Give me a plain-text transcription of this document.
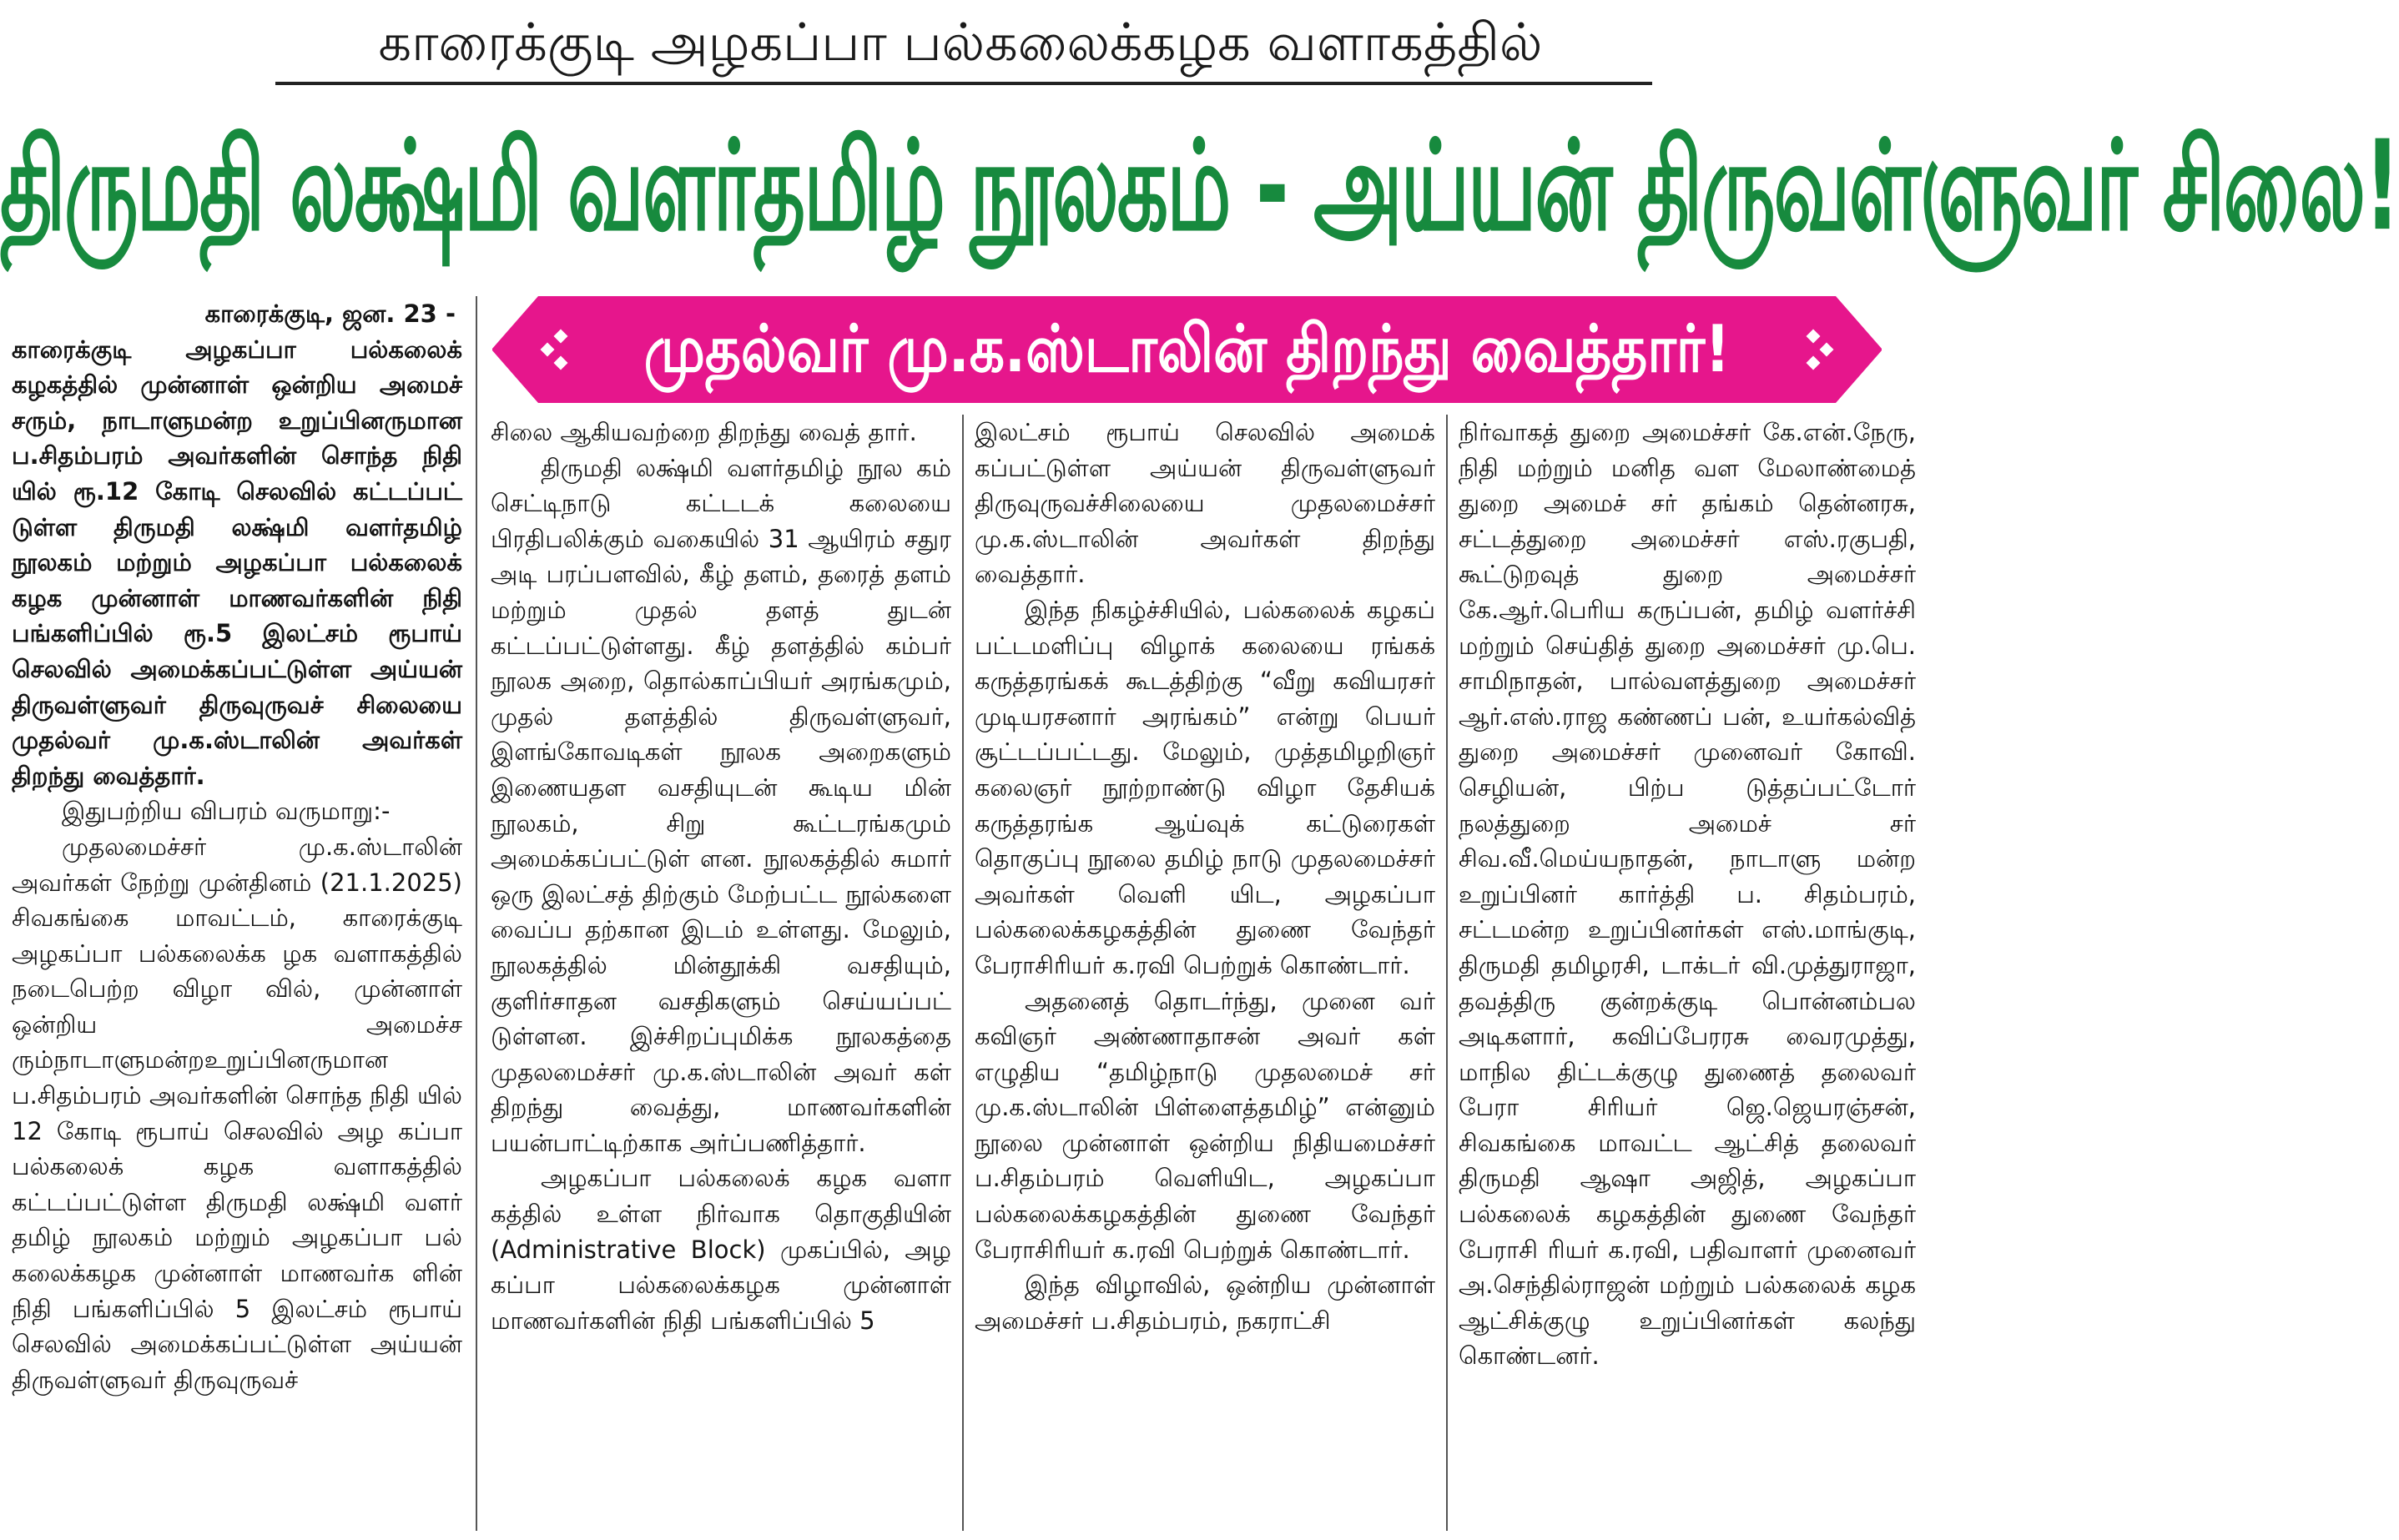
காரைக்குடி அழகப்பா பல்கலைக்கழக வளாகத்தில்
திருமதி லக்ஷ்மி வளர்தமிழ் நூலகம் - அய்யன் திருவள்ளுவர் சிலை!
முதல்வர் மு.க.ஸ்டாலின் திறந்து வைத்தார்!

காரைக்குடி, ஜன. 23 -

காரைக்குடி அழகப்பா பல்கலைக் கழகத்தில் முன்னாள் ஒன்றிய அமைச் சரும், நாடாளுமன்ற உறுப்பினருமான ப.சிதம்பரம் அவர்களின் சொந்த நிதி யில் ரூ.12 கோடி செலவில் கட்டப்பட் டுள்ள திருமதி லக்ஷ்மி வளர்தமிழ் நூலகம் மற்றும் அழகப்பா பல்கலைக் கழக முன்னாள் மாணவர்களின் நிதி பங்களிப்பில் ரூ.5 இலட்சம் ரூபாய் செலவில் அமைக்கப்பட்டுள்ள அய்யன் திருவள்ளுவர் திருவுருவச் சிலையை முதல்வர் மு.க.ஸ்டாலின் அவர்கள் திறந்து வைத்தார்.

இதுபற்றிய விபரம் வருமாறு:-

முதலமைச்சர் மு.க.ஸ்டாலின் அவர்கள் நேற்று முன்தினம் (21.1.2025) சிவகங்கை மாவட்டம், காரைக்குடி அழகப்பா பல்கலைக்க ழக வளாகத்தில் நடைபெற்ற விழா வில், முன்னாள் ஒன்றிய அமைச்ச ரும்நாடாளுமன்றஉறுப்பினருமான ப.சிதம்பரம் அவர்களின் சொந்த நிதி யில் 12 கோடி ரூபாய் செலவில் அழ கப்பா பல்கலைக் கழக வளாகத்தில் கட்டப்பட்டுள்ள திருமதி லக்ஷ்மி வளர் தமிழ் நூலகம் மற்றும் அழகப்பா பல் கலைக்கழக முன்னாள் மாணவர்க ளின் நிதி பங்களிப்பில் 5 இலட்சம் ரூபாய் செலவில் அமைக்கப்பட்டுள்ள அய்யன் திருவள்ளுவர் திருவுருவச்

சிலை ஆகியவற்றை திறந்து வைத் தார்.

திருமதி லக்ஷ்மி வளர்தமிழ் நூல கம் செட்டிநாடு கட்டடக் கலையை பிரதிபலிக்கும் வகையில் 31 ஆயிரம் சதுர அடி பரப்பளவில், கீழ் தளம், தரைத் தளம் மற்றும் முதல் தளத் துடன் கட்டப்பட்டுள்ளது. கீழ் தளத்தில் கம்பர் நூலக அறை, தொல்காப்பியர் அரங்கமும், முதல் தளத்தில் திருவள்ளுவர், இளங்கோவடிகள் நூலக அறைகளும் இணையதள வசதியுடன் கூடிய மின் நூலகம், சிறு கூட்டரங்கமும் அமைக்கப்பட்டுள் ளன. நூலகத்தில் சுமார் ஒரு இலட்சத் திற்கும் மேற்பட்ட நூல்களை வைப்ப தற்கான இடம் உள்ளது. மேலும், நூலகத்தில் மின்தூக்கி வசதியும், குளிர்சாதன வசதிகளும் செய்யப்பட் டுள்ளன. இச்சிறப்புமிக்க நூலகத்தை முதலமைச்சர் மு.க.ஸ்டாலின் அவர் கள் திறந்து வைத்து, மாணவர்களின் பயன்பாட்டிற்காக அர்ப்பணித்தார்.

அழகப்பா பல்கலைக் கழக வளா கத்தில் உள்ள நிர்வாக தொகுதியின் (Administrative Block) முகப்பில், அழ கப்பா பல்கலைக்கழக முன்னாள் மாணவர்களின் நிதி பங்களிப்பில் 5

இலட்சம் ரூபாய் செலவில் அமைக் கப்பட்டுள்ள அய்யன் திருவள்ளுவர் திருவுருவச்சிலையை முதலமைச்சர் மு.க.ஸ்டாலின் அவர்கள் திறந்து வைத்தார்.

இந்த நிகழ்ச்சியில், பல்கலைக் கழகப் பட்டமளிப்பு விழாக் கலையை ரங்கக் கருத்தரங்கக் கூடத்திற்கு “வீறு கவியரசர் முடியரசனார் அரங்கம்” என்று பெயர் சூட்டப்பட்டது. மேலும், முத்தமிழறிஞர் கலைஞர் நூற்றாண்டு விழா தேசியக் கருத்தரங்க ஆய்வுக் கட்டுரைகள் தொகுப்பு நூலை தமிழ் நாடு முதலமைச்சர் அவர்கள் வெளி யிட, அழகப்பா பல்கலைக்கழகத்தின் துணை வேந்தர் பேராசிரியர் க.ரவி பெற்றுக் கொண்டார்.

அதனைத் தொடர்ந்து, முனை வர் கவிஞர் அண்ணாதாசன் அவர் கள் எழுதிய “தமிழ்நாடு முதலமைச் சர் மு.க.ஸ்டாலின் பிள்ளைத்தமிழ்” என்னும் நூலை முன்னாள் ஒன்றிய நிதியமைச்சர் ப.சிதம்பரம் வெளியிட, அழகப்பா பல்கலைக்கழகத்தின் துணை வேந்தர் பேராசிரியர் க.ரவி பெற்றுக் கொண்டார்.

இந்த விழாவில், ஒன்றிய முன்னாள் அமைச்சர் ப.சிதம்பரம், நகராட்சி

நிர்வாகத் துறை அமைச்சர் கே.என்.நேரு, நிதி மற்றும் மனித வள மேலாண்மைத் துறை அமைச் சர் தங்கம் தென்னரசு, சட்டத்துறை அமைச்சர் எஸ்.ரகுபதி, கூட்டுறவுத் துறை அமைச்சர் கே.ஆர்.பெரிய கருப்பன், தமிழ் வளர்ச்சி மற்றும் செய்தித் துறை அமைச்சர் மு.பெ. சாமிநாதன், பால்வளத்துறை அமைச்சர் ஆர்.எஸ்.ராஜ கண்ணப் பன், உயர்கல்வித் துறை அமைச்சர் முனைவர் கோவி. செழியன், பிற்ப டுத்தப்பட்டோர் நலத்துறை அமைச் சர் சிவ.வீ.மெய்யநாதன், நாடாளு மன்ற உறுப்பினர் கார்த்தி ப. சிதம்பரம், சட்டமன்ற உறுப்பினர்கள் எஸ்.மாங்குடி, திருமதி தமிழரசி, டாக்டர் வி.முத்துராஜா, தவத்திரு குன்றக்குடி பொன்னம்பல அடிகளார், கவிப்பேரரசு வைரமுத்து, மாநில திட்டக்குழு துணைத் தலைவர் பேரா சிரியர் ஜெ.ஜெயரஞ்சன், சிவகங்கை மாவட்ட ஆட்சித் தலைவர் திருமதி ஆஷா அஜித், அழகப்பா பல்கலைக் கழகத்தின் துணை வேந்தர் பேராசி ரியர் க.ரவி, பதிவாளர் முனைவர் அ.செந்தில்ராஜன் மற்றும் பல்கலைக் கழக ஆட்சிக்குழு உறுப்பினர்கள் கலந்து கொண்டனர்.
